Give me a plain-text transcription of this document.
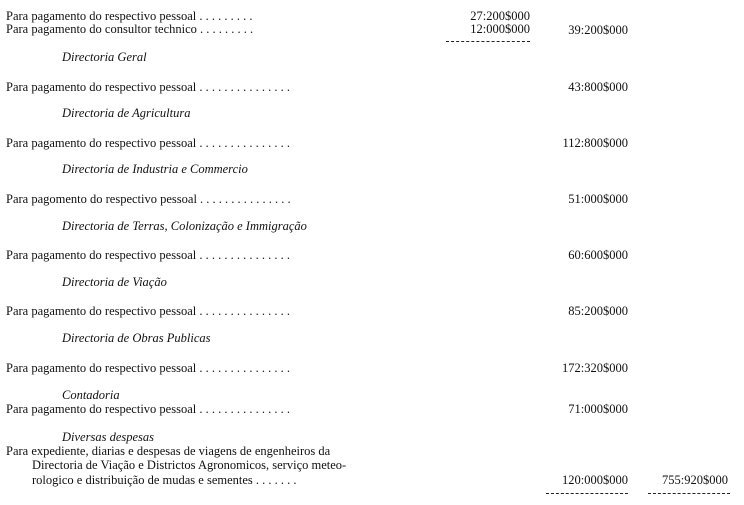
Para pagamento do respectivo pessoal . . . . . . . . .	27:200$000
Para pagamento do consultor technico . . . . . . . . .	12:000$000	39:200$000
Directoria Geral
Para pagamento do respectivo pessoal . . . . . . . . . . . . . . .	43:800$000
Directoria de Agricultura
Para pagamento do respectivo pessoal . . . . . . . . . . . . . . .	112:800$000
Directoria de Industria e Commercio
Para pagomento do respectivo pessoal . . . . . . . . . . . . . . .	51:000$000
Directoria de Terras, Colonização e Immigração
Para pagamento do respectivo pessoal . . . . . . . . . . . . . . .	60:600$000
Directoria de Viação
Para pagamento do respectivo pessoal . . . . . . . . . . . . . . .	85:200$000
Directoria de Obras Publicas
Para pagamento do respectivo pessoal . . . . . . . . . . . . . . .	172:320$000
Contadoria
Para pagamento do respectivo pessoal . . . . . . . . . . . . . . .	71:000$000
Diversas despesas
Para expediente, diarias e despesas de viagens de engenheiros da
Directoria de Viação e Districtos Agronomicos, serviço meteo-
rologico e distribuição de mudas e sementes . . . . . . .	120:000$000	755:920$000
